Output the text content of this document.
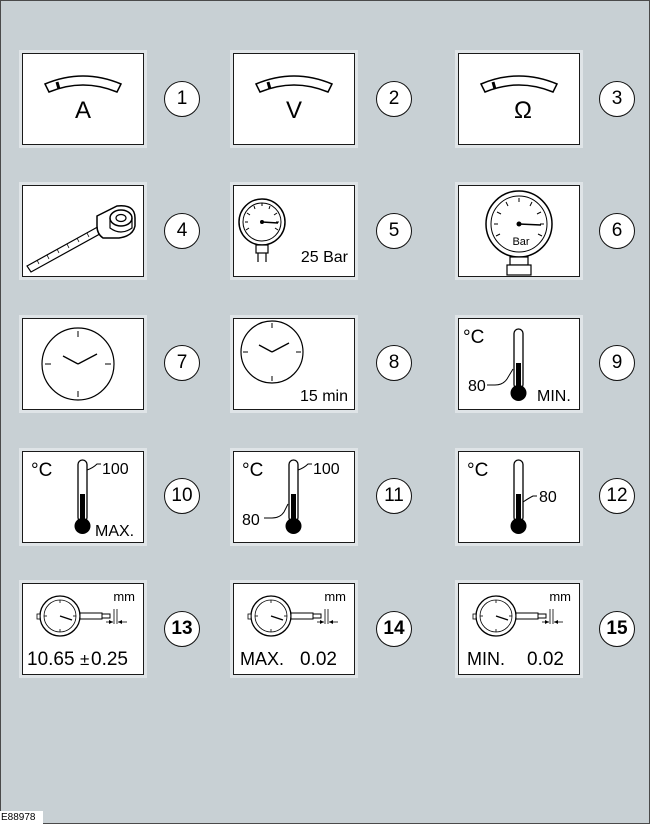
A	1	V	2	Ω	3
4
25 Bar
5
Bar
6
7
15 min
8
°C
80
MIN.
9
°C	100
MAX.
10
°C	100
80
11
°C
80	12
mm
10.65 ± 0.25
13
mm
MAX. 0.02
14
mm
MIN. 0.02
15
E88978
